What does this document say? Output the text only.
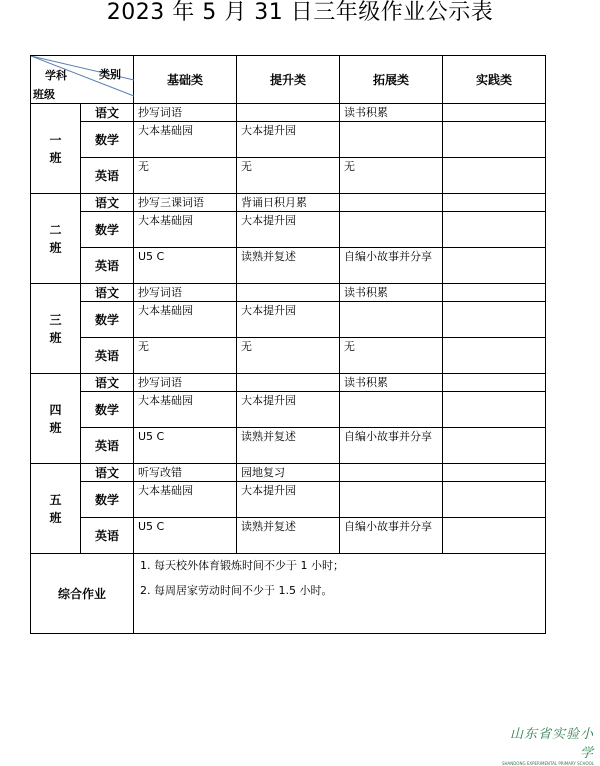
2023 年 5 月 31 日三年级作业公示表
学科 类别
班级		基础类	提升类	拓展类	实践类

一班	语文	抄写词语		读书积累	
	数学	大本基础园	大本提升园		
	英语	无	无	无	

二班	语文	抄写三课词语	背诵日积月累		
	数学	大本基础园	大本提升园		
	英语	U5 C	读熟并复述	自编小故事并分享	

三班	语文	抄写词语		读书积累	
	数学	大本基础园	大本提升园		
	英语	无	无	无	

四班	语文	抄写词语		读书积累	
	数学	大本基础园	大本提升园		
	英语	U5 C	读熟并复述	自编小故事并分享	

五班	语文	听写改错	园地复习		
	数学	大本基础园	大本提升园		
	英语	U5 C	读熟并复述	自编小故事并分享	
综合作业		1. 每天校外体育锻炼时间不少于 1 小时；

2. 每周居家劳动时间不少于 1.5 小时。			

山东省实验小学
SHANDONG EXPERIMENTAL PRIMARY SCHOOL
